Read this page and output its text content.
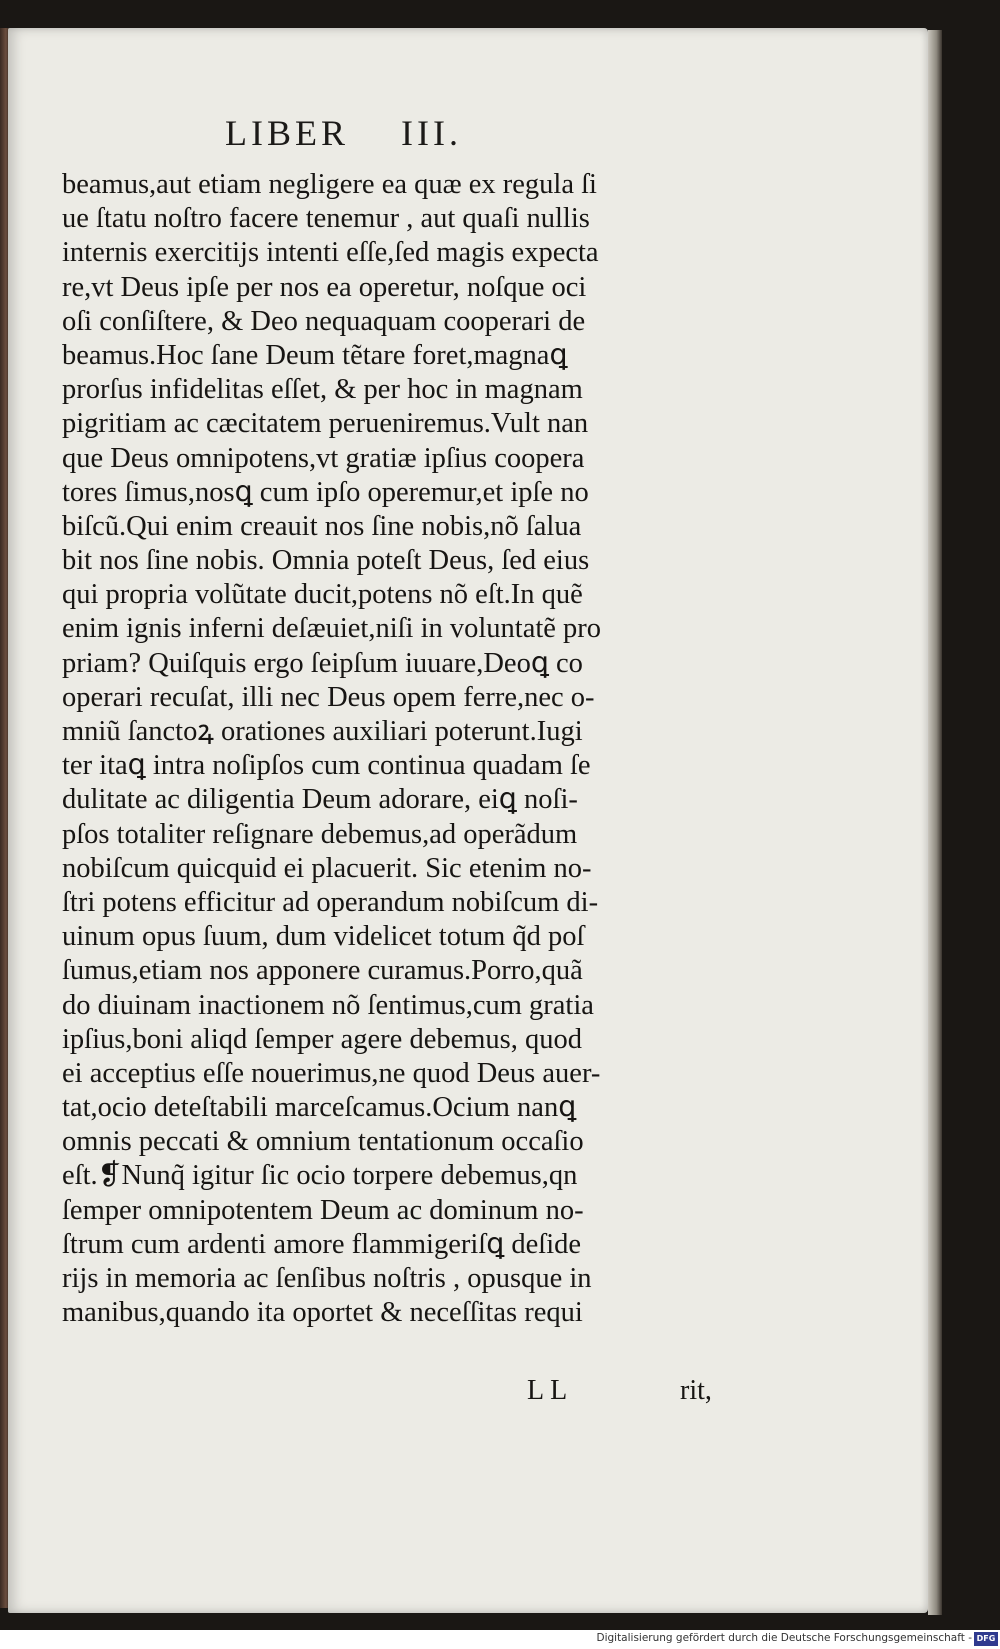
LIBER    III.
beamus,aut etiam negligere ea quæ ex regula ſi
ue ſtatu noſtro facere tenemur , aut quaſi nullis
internis exercitijs intenti eſſe,ſed magis expecta
re,vt Deus ipſe per nos ea operetur, noſque oci
oſi conſiſtere, & Deo nequaquam cooperari de
beamus.Hoc ſane Deum tẽtare foret,magnaꝗ
prorſus infidelitas eſſet, & per hoc in magnam
pigritiam ac cæcitatem perueniremus.Vult nan
que Deus omnipotens,vt gratiæ ipſius coopera
tores ſimus,nosꝗ cum ipſo operemur,et ipſe no
biſcũ.Qui enim creauit nos ſine nobis,nõ ſalua
bit nos ſine nobis. Omnia poteſt Deus, ſed eius
qui propria volũtate ducit,potens nõ eſt.In quẽ
enim ignis inferni deſæuiet,niſi in voluntatẽ pro
priam? Quiſquis ergo ſeipſum iuuare,Deoꝗ co
operari recuſat, illi nec Deus opem ferre,nec o-
mniũ ſanctoꝝ orationes auxiliari poterunt.Iugi
ter itaꝗ intra noſipſos cum continua quadam ſe
dulitate ac diligentia Deum adorare, eiꝗ noſi-
pſos totaliter reſignare debemus,ad operãdum
nobiſcum quicquid ei placuerit. Sic etenim no-
ſtri potens efficitur ad operandum nobiſcum di-
uinum opus ſuum, dum videlicet totum q̃d poſ
ſumus,etiam nos apponere curamus.Porro,quã
do diuinam inactionem nõ ſentimus,cum gratia
ipſius,boni aliqd ſemper agere debemus, quod
ei acceptius eſſe nouerimus,ne quod Deus auer-
tat,ocio deteſtabili marceſcamus.Ocium nanꝗ
omnis peccati & omnium tentationum occaſio
eſt.❡Nunq̃ igitur ſic ocio torpere debemus,qn
ſemper omnipotentem Deum ac dominum no-
ſtrum cum ardenti amore flammigeriſꝗ deſide
rijs in memoria ac ſenſibus noſtris , opusque in
manibus,quando ita oportet & neceſſitas requi
L L	rit,
Digitalisierung gefördert durch die Deutsche Forschungsgemeinschaft - DFG
